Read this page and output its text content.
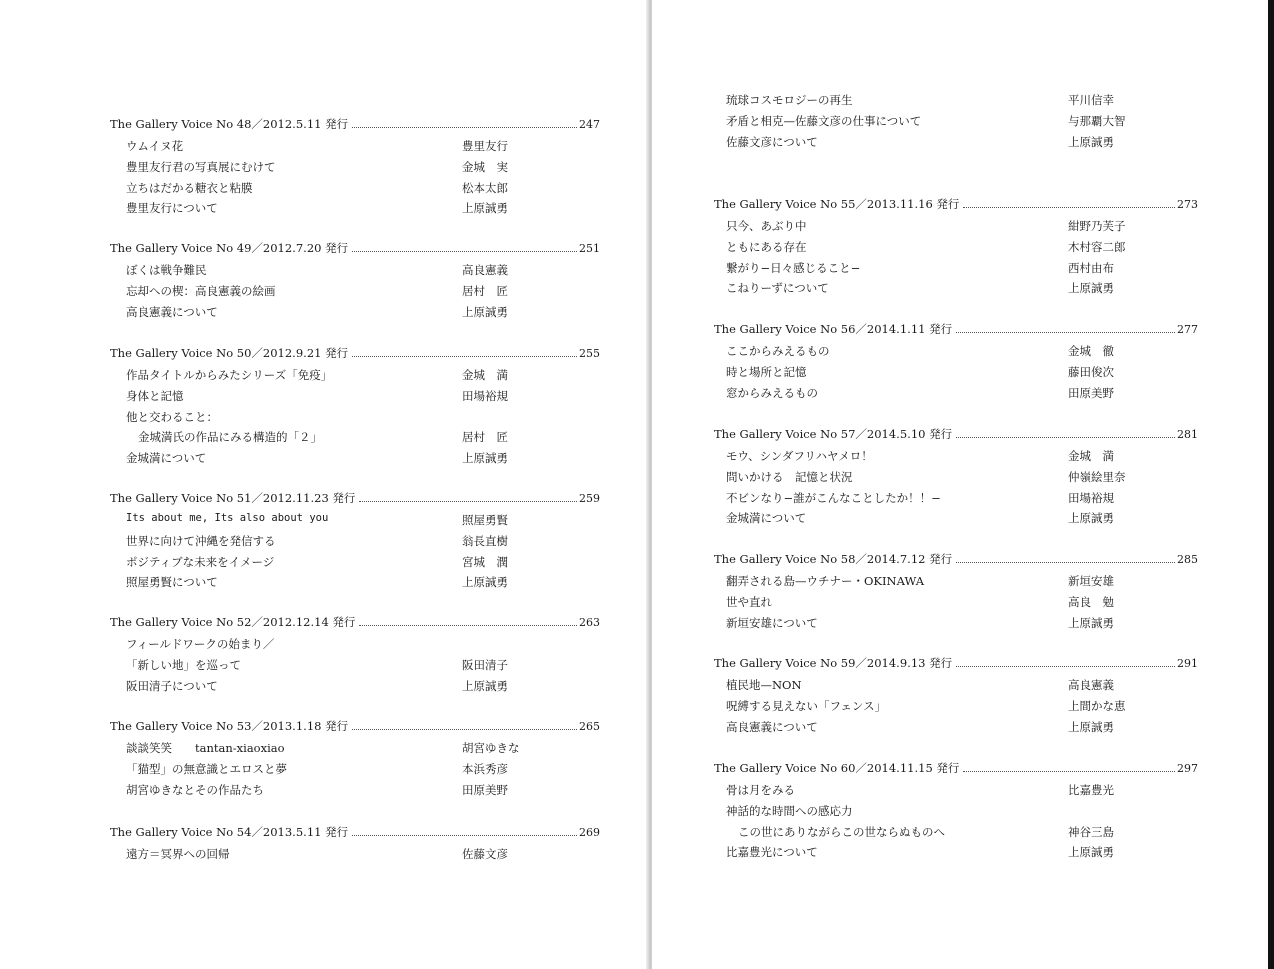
The Gallery Voice No 48／2012.5.11 発行	247
ウムイヌ花	豊里友行
豊里友行君の写真展にむけて	金城　実
立ちはだかる糖衣と粘膜	松本太郎
豊里友行について	上原誠勇
The Gallery Voice No 49／2012.7.20 発行	251
ぼくは戦争難民	高良憲義
忘却への楔：高良憲義の絵画	居村　匠
高良憲義について	上原誠勇
The Gallery Voice No 50／2012.9.21 発行	255
作品タイトルからみたシリーズ「免疫」	金城　満
身体と記憶	田場裕規
他と交わること：
金城満氏の作品にみる構造的「２」	居村　匠
金城満について	上原誠勇
The Gallery Voice No 51／2012.11.23 発行	259
Its about me, Its also about you	照屋勇賢
世界に向けて沖縄を発信する	翁長直樹
ポジティブな未来をイメージ	宮城　潤
照屋勇賢について	上原誠勇
The Gallery Voice No 52／2012.12.14 発行	263
フィールドワークの始まり／
「新しい地」を巡って	阪田清子
阪田清子について	上原誠勇
The Gallery Voice No 53／2013.1.18 発行	265
談談笑笑　　tantan-xiaoxiao	胡宮ゆきな
「猫型」の無意識とエロスと夢	本浜秀彦
胡宮ゆきなとその作品たち	田原美野
The Gallery Voice No 54／2013.5.11 発行	269
遠方＝冥界への回帰	佐藤文彦
琉球コスモロジーの再生	平川信幸
矛盾と相克—佐藤文彦の仕事について	与那覇大智
佐藤文彦について	上原誠勇
The Gallery Voice No 55／2013.11.16 発行	273
只今、あぶり中	紺野乃芙子
ともにある存在	木村容二郎
繋がり−日々感じること−	西村由布
こねりーずについて	上原誠勇
The Gallery Voice No 56／2014.1.11 発行	277
ここからみえるもの	金城　徹
時と場所と記憶	藤田俊次
窓からみえるもの	田原美野
The Gallery Voice No 57／2014.5.10 発行	281
モウ、シンダフリハヤメロ！	金城　満
問いかける　記憶と状況	仲嶺絵里奈
不ビンなり−誰がこんなことしたか！！−	田場裕規
金城満について	上原誠勇
The Gallery Voice No 58／2014.7.12 発行	285
翻弄される島—ウチナー・OKINAWA	新垣安雄
世や直れ	高良　勉
新垣安雄について	上原誠勇
The Gallery Voice No 59／2014.9.13 発行	291
植民地—NON	高良憲義
呪縛する見えない「フェンス」	上間かな恵
高良憲義について	上原誠勇
The Gallery Voice No 60／2014.11.15 発行	297
骨は月をみる	比嘉豊光
神話的な時間への感応力
この世にありながらこの世ならぬものへ	神谷三島
比嘉豊光について	上原誠勇
